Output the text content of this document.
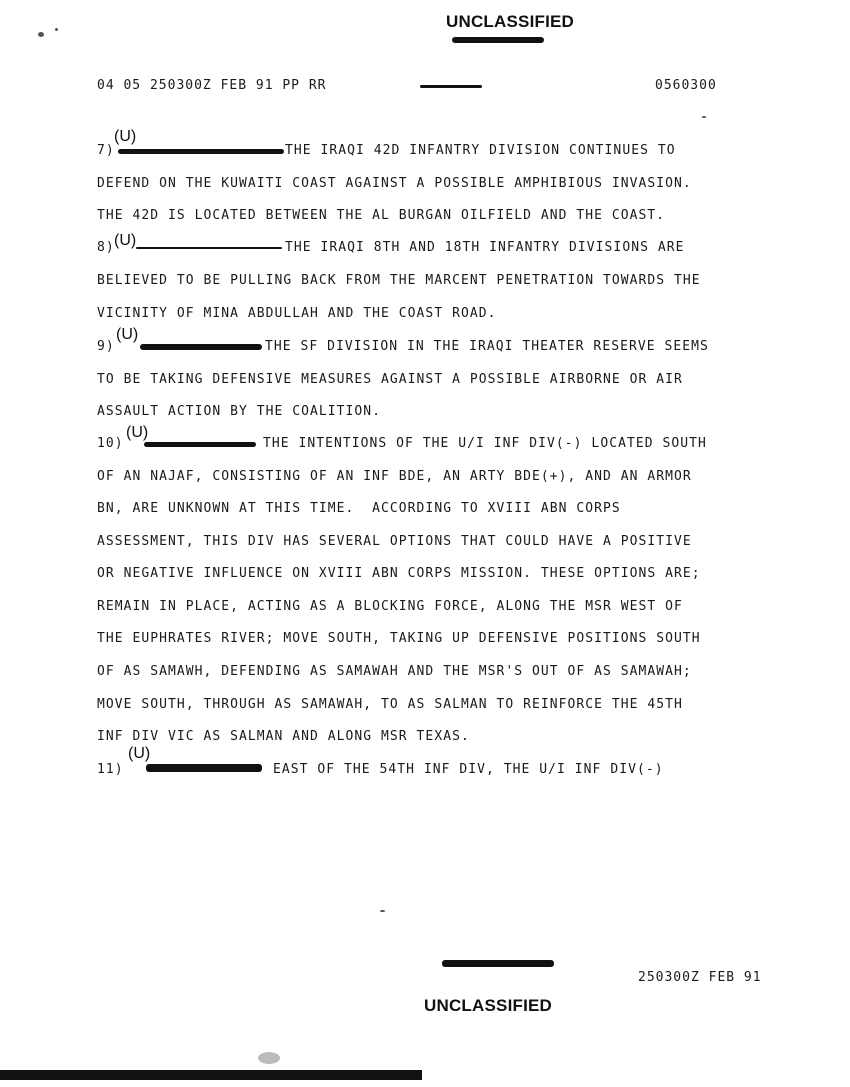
UNCLASSIFIED
04 05 250300Z FEB 91 PP RR	0560300
(U)
7)	THE IRAQI 42D INFANTRY DIVISION CONTINUES TO
DEFEND ON THE KUWAITI COAST AGAINST A POSSIBLE AMPHIBIOUS INVASION.
THE 42D IS LOCATED BETWEEN THE AL BURGAN OILFIELD AND THE COAST.
(U)
8)	THE IRAQI 8TH AND 18TH INFANTRY DIVISIONS ARE
BELIEVED TO BE PULLING BACK FROM THE MARCENT PENETRATION TOWARDS THE
VICINITY OF MINA ABDULLAH AND THE COAST ROAD.
(U)
9)	THE SF DIVISION IN THE IRAQI THEATER RESERVE SEEMS
TO BE TAKING DEFENSIVE MEASURES AGAINST A POSSIBLE AIRBORNE OR AIR
ASSAULT ACTION BY THE COALITION.
(U)
10)	THE INTENTIONS OF THE U/I INF DIV(-) LOCATED SOUTH
OF AN NAJAF, CONSISTING OF AN INF BDE, AN ARTY BDE(+), AND AN ARMOR
BN, ARE UNKNOWN AT THIS TIME.  ACCORDING TO XVIII ABN CORPS
ASSESSMENT, THIS DIV HAS SEVERAL OPTIONS THAT COULD HAVE A POSITIVE
OR NEGATIVE INFLUENCE ON XVIII ABN CORPS MISSION. THESE OPTIONS ARE;
REMAIN IN PLACE, ACTING AS A BLOCKING FORCE, ALONG THE MSR WEST OF
THE EUPHRATES RIVER; MOVE SOUTH, TAKING UP DEFENSIVE POSITIONS SOUTH
OF AS SAMAWH, DEFENDING AS SAMAWAH AND THE MSR'S OUT OF AS SAMAWAH;
MOVE SOUTH, THROUGH AS SAMAWAH, TO AS SALMAN TO REINFORCE THE 45TH
INF DIV VIC AS SALMAN AND ALONG MSR TEXAS.
(U)
11)	EAST OF THE 54TH INF DIV, THE U/I INF DIV(-)
250300Z FEB 91
UNCLASSIFIED
